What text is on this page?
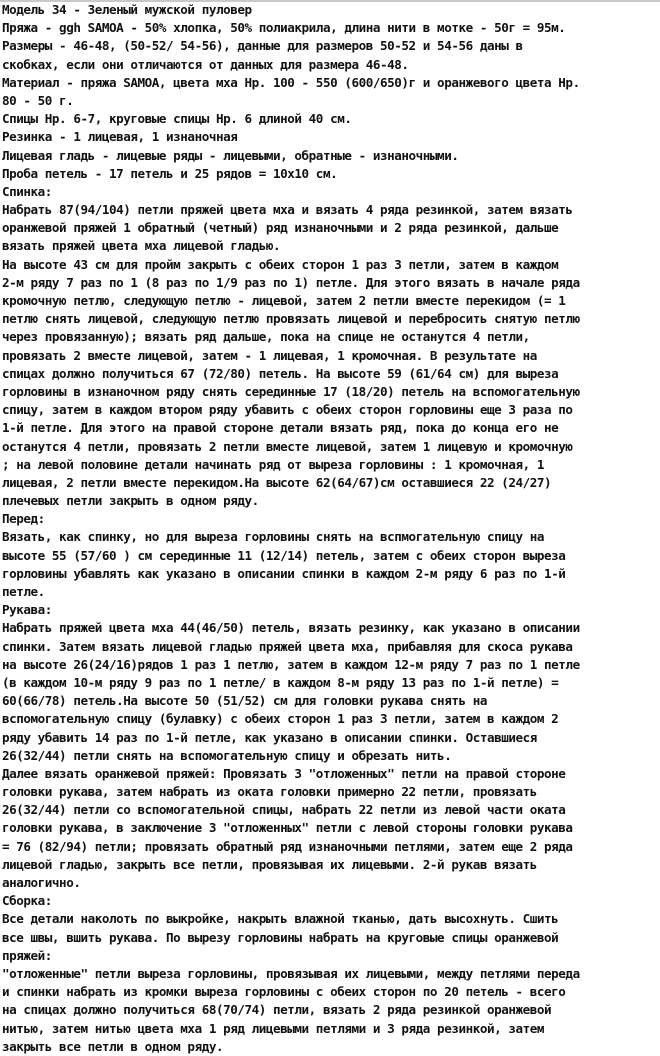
Модель 34 - Зеленый мужской пуловер
Пряжа - ggh SAMOA - 50% хлопка, 50% полиакрила, длина нити в мотке - 50г = 95м.
Размеры - 46-48, (50-52/ 54-56), данные для размеров 50-52 и 54-56 даны в
скобках, если они отличаются от данных для размера 46-48.
Материал - пряжа SAMOA, цвета мха Нр. 100 - 550 (600/650)г и оранжевого цвета Нр.
80 - 50 г.
Спицы Нр. 6-7, круговые спицы Нр. 6 длиной 40 см.
Резинка - 1 лицевая, 1 изнаночная
Лицевая гладь - лицевые ряды - лицевыми, обратные - изнаночными.
Проба петель - 17 петель и 25 рядов = 10x10 см.
Спинка:
Набрать 87(94/104) петли пряжей цвета мха и вязать 4 ряда резинкой, затем вязать
оранжевой пряжей 1 обратный (четный) ряд изнаночными и 2 ряда резинкой, дальше
вязать пряжей цвета мха лицевой гладью.
На высоте 43 см для пройм закрыть с обеих сторон 1 раз 3 петли, затем в каждом
2-м ряду 7 раз по 1 (8 раз по 1/9 раз по 1) петле. Для этого вязать в начале ряда
кромочную петлю, следующую петлю - лицевой, затем 2 петли вместе перекидом (= 1
петлю снять лицевой, следующую петлю провязать лицевой и перебросить снятую петлю
через провязанную); вязать ряд дальше, пока на спице не останутся 4 петли,
провязать 2 вместе лицевой, затем - 1 лицевая, 1 кромочная. В результате на
спицах должно получиться 67 (72/80) петель. На высоте 59 (61/64 см) для выреза
горловины в изнаночном ряду снять серединные 17 (18/20) петель на вспомогательную
спицу, затем в каждом втором ряду убавить с обеих сторон горловины еще 3 раза по
1-й петле. Для этого на правой стороне детали вязать ряд, пока до конца его не
останутся 4 петли, провязать 2 петли вместе лицевой, затем 1 лицевую и кромочную
; на левой половине детали начинать ряд от выреза горловины : 1 кромочная, 1
лицевая, 2 петли вместе перекидом.На высоте 62(64/67)см оставшиеся 22 (24/27)
плечевых петли закрыть в одном ряду.
Перед:
Вязать, как спинку, но для выреза горловины снять на вспмогательную спицу на
высоте 55 (57/60 ) см серединные 11 (12/14) петель, затем с обеих сторон выреза
горловины убавлять как указано в описании спинки в каждом 2-м ряду 6 раз по 1-й
петле.
Рукава:
Набрать пряжей цвета мха 44(46/50) петель, вязать резинку, как указано в описании
спинки. Затем вязать лицевой гладью пряжей цвета мха, прибавляя для скоса рукава
на высоте 26(24/16)рядов 1 раз 1 петлю, затем в каждом 12-м ряду 7 раз по 1 петле
(в каждом 10-м ряду 9 раз по 1 петле/ в каждом 8-м ряду 13 раз по 1-й петле) =
60(66/78) петель.На высоте 50 (51/52) см для головки рукава снять на
вспомогательную спицу (булавку) с обеих сторон 1 раз 3 петли, затем в каждом 2
ряду убавить 14 раз по 1-й петле, как указано в описании спинки. Оставшиеся
26(32/44) петли снять на вспомогательную спицу и обрезать нить.
Далее вязать оранжевой пряжей: Провязать 3 "отложенных" петли на правой стороне
головки рукава, затем набрать из оката головки примерно 22 петли, провязать
26(32/44) петли со вспомогательной спицы, набрать 22 петли из левой части оката
головки рукава, в заключение 3 "отложенных" петли с левой стороны головки рукава
= 76 (82/94) петли; провязать обратный ряд изнаночными петлями, затем еще 2 ряда
лицевой гладью, закрыть все петли, провязывая их лицевыми. 2-й рукав вязать
аналогично.
Сборка:
Все детали наколоть по выкройке, накрыть влажной тканью, дать высохнуть. Сшить
все швы, вшить рукава. По вырезу горловины набрать на круговые спицы оранжевой
пряжей:
"отложенные" петли выреза горловины, провязывая их лицевыми, между петлями переда
и спинки набрать из кромки выреза горловины с обеих сторон по 20 петель - всего
на спицах должно получиться 68(70/74) петли, вязать 2 ряда резинкой оранжевой
нитью, затем нитью цвета мха 1 ряд лицевыми петлями и 3 ряда резинкой, затем
закрыть все петли в одном ряду.
